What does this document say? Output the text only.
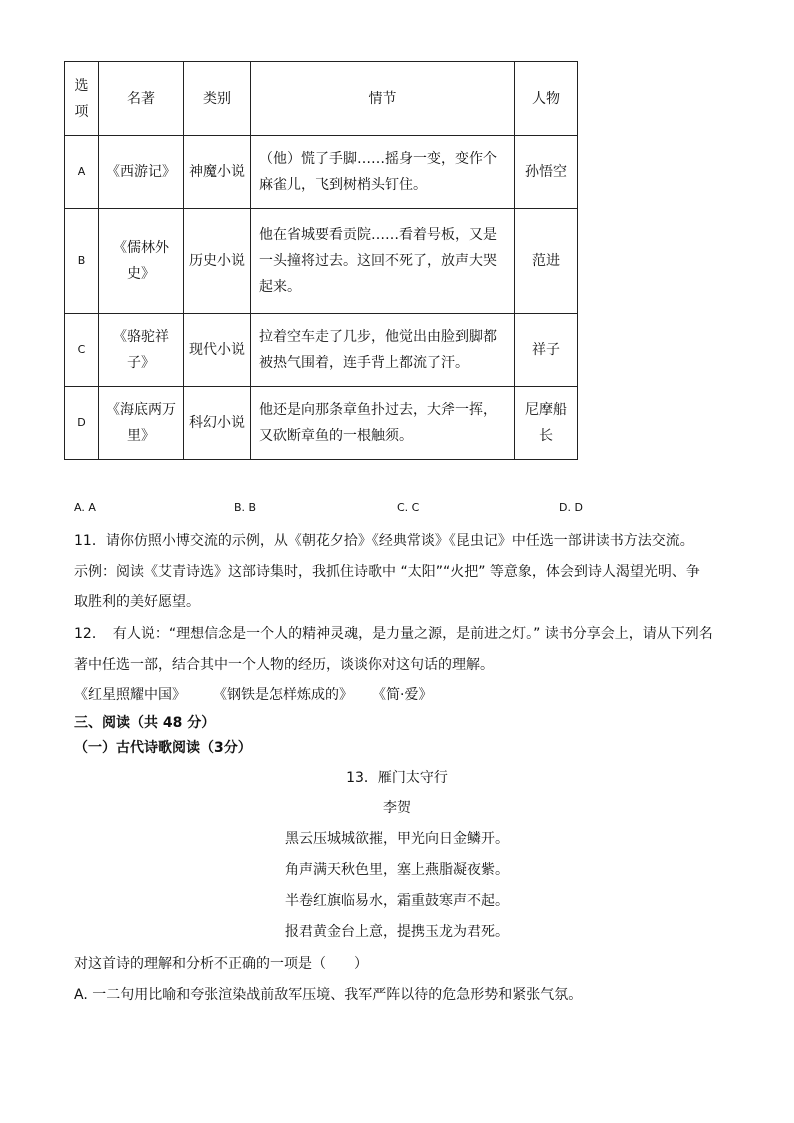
选
项	名著	类别	情节	人物
A	《西游记》	神魔小说	（他）慌了手脚……摇身一变，变作个麻雀儿，飞到树梢头钉住。	孙悟空
B	《儒林外史》	历史小说	他在省城要看贡院……看着号板，又是一头撞将过去。这回不死了，放声大哭起来。	范进
C	《骆驼祥子》	现代小说	拉着空车走了几步，他觉出由脸到脚都被热气围着，连手背上都流了汗。	祥子
D	《海底两万里》	科幻小说	他还是向那条章鱼扑过去，大斧一挥，又砍断章鱼的一根触须。	尼摩船长
A. A	B. B	C. C	D. D
11．请你仿照小博交流的示例，从《朝花夕拾》《经典常谈》《昆虫记》中任选一部讲读书方法交流。
示例：阅读《艾青诗选》这部诗集时，我抓住诗歌中 “太阳”“火把” 等意象，体会到诗人渴望光明、争
取胜利的美好愿望。
12．　有人说：“理想信念是一个人的精神灵魂，是力量之源，是前进之灯。” 读书分享会上，请从下列名
著中任选一部，结合其中一个人物的经历，谈谈你对这句话的理解。
《红星照耀中国》 《钢铁是怎样炼成的》 《简·爱》
三、阅读（共 48 分）
（一）古代诗歌阅读（3分）
13．雁门太守行
李贺
黑云压城城欲摧，甲光向日金鳞开。
角声满天秋色里，塞上燕脂凝夜紫。
半卷红旗临易水，霜重鼓寒声不起。
报君黄金台上意，提携玉龙为君死。
对这首诗的理解和分析不正确的一项是（　　）
A. 一二句用比喻和夸张渲染战前敌军压境、我军严阵以待的危急形势和紧张气氛。
